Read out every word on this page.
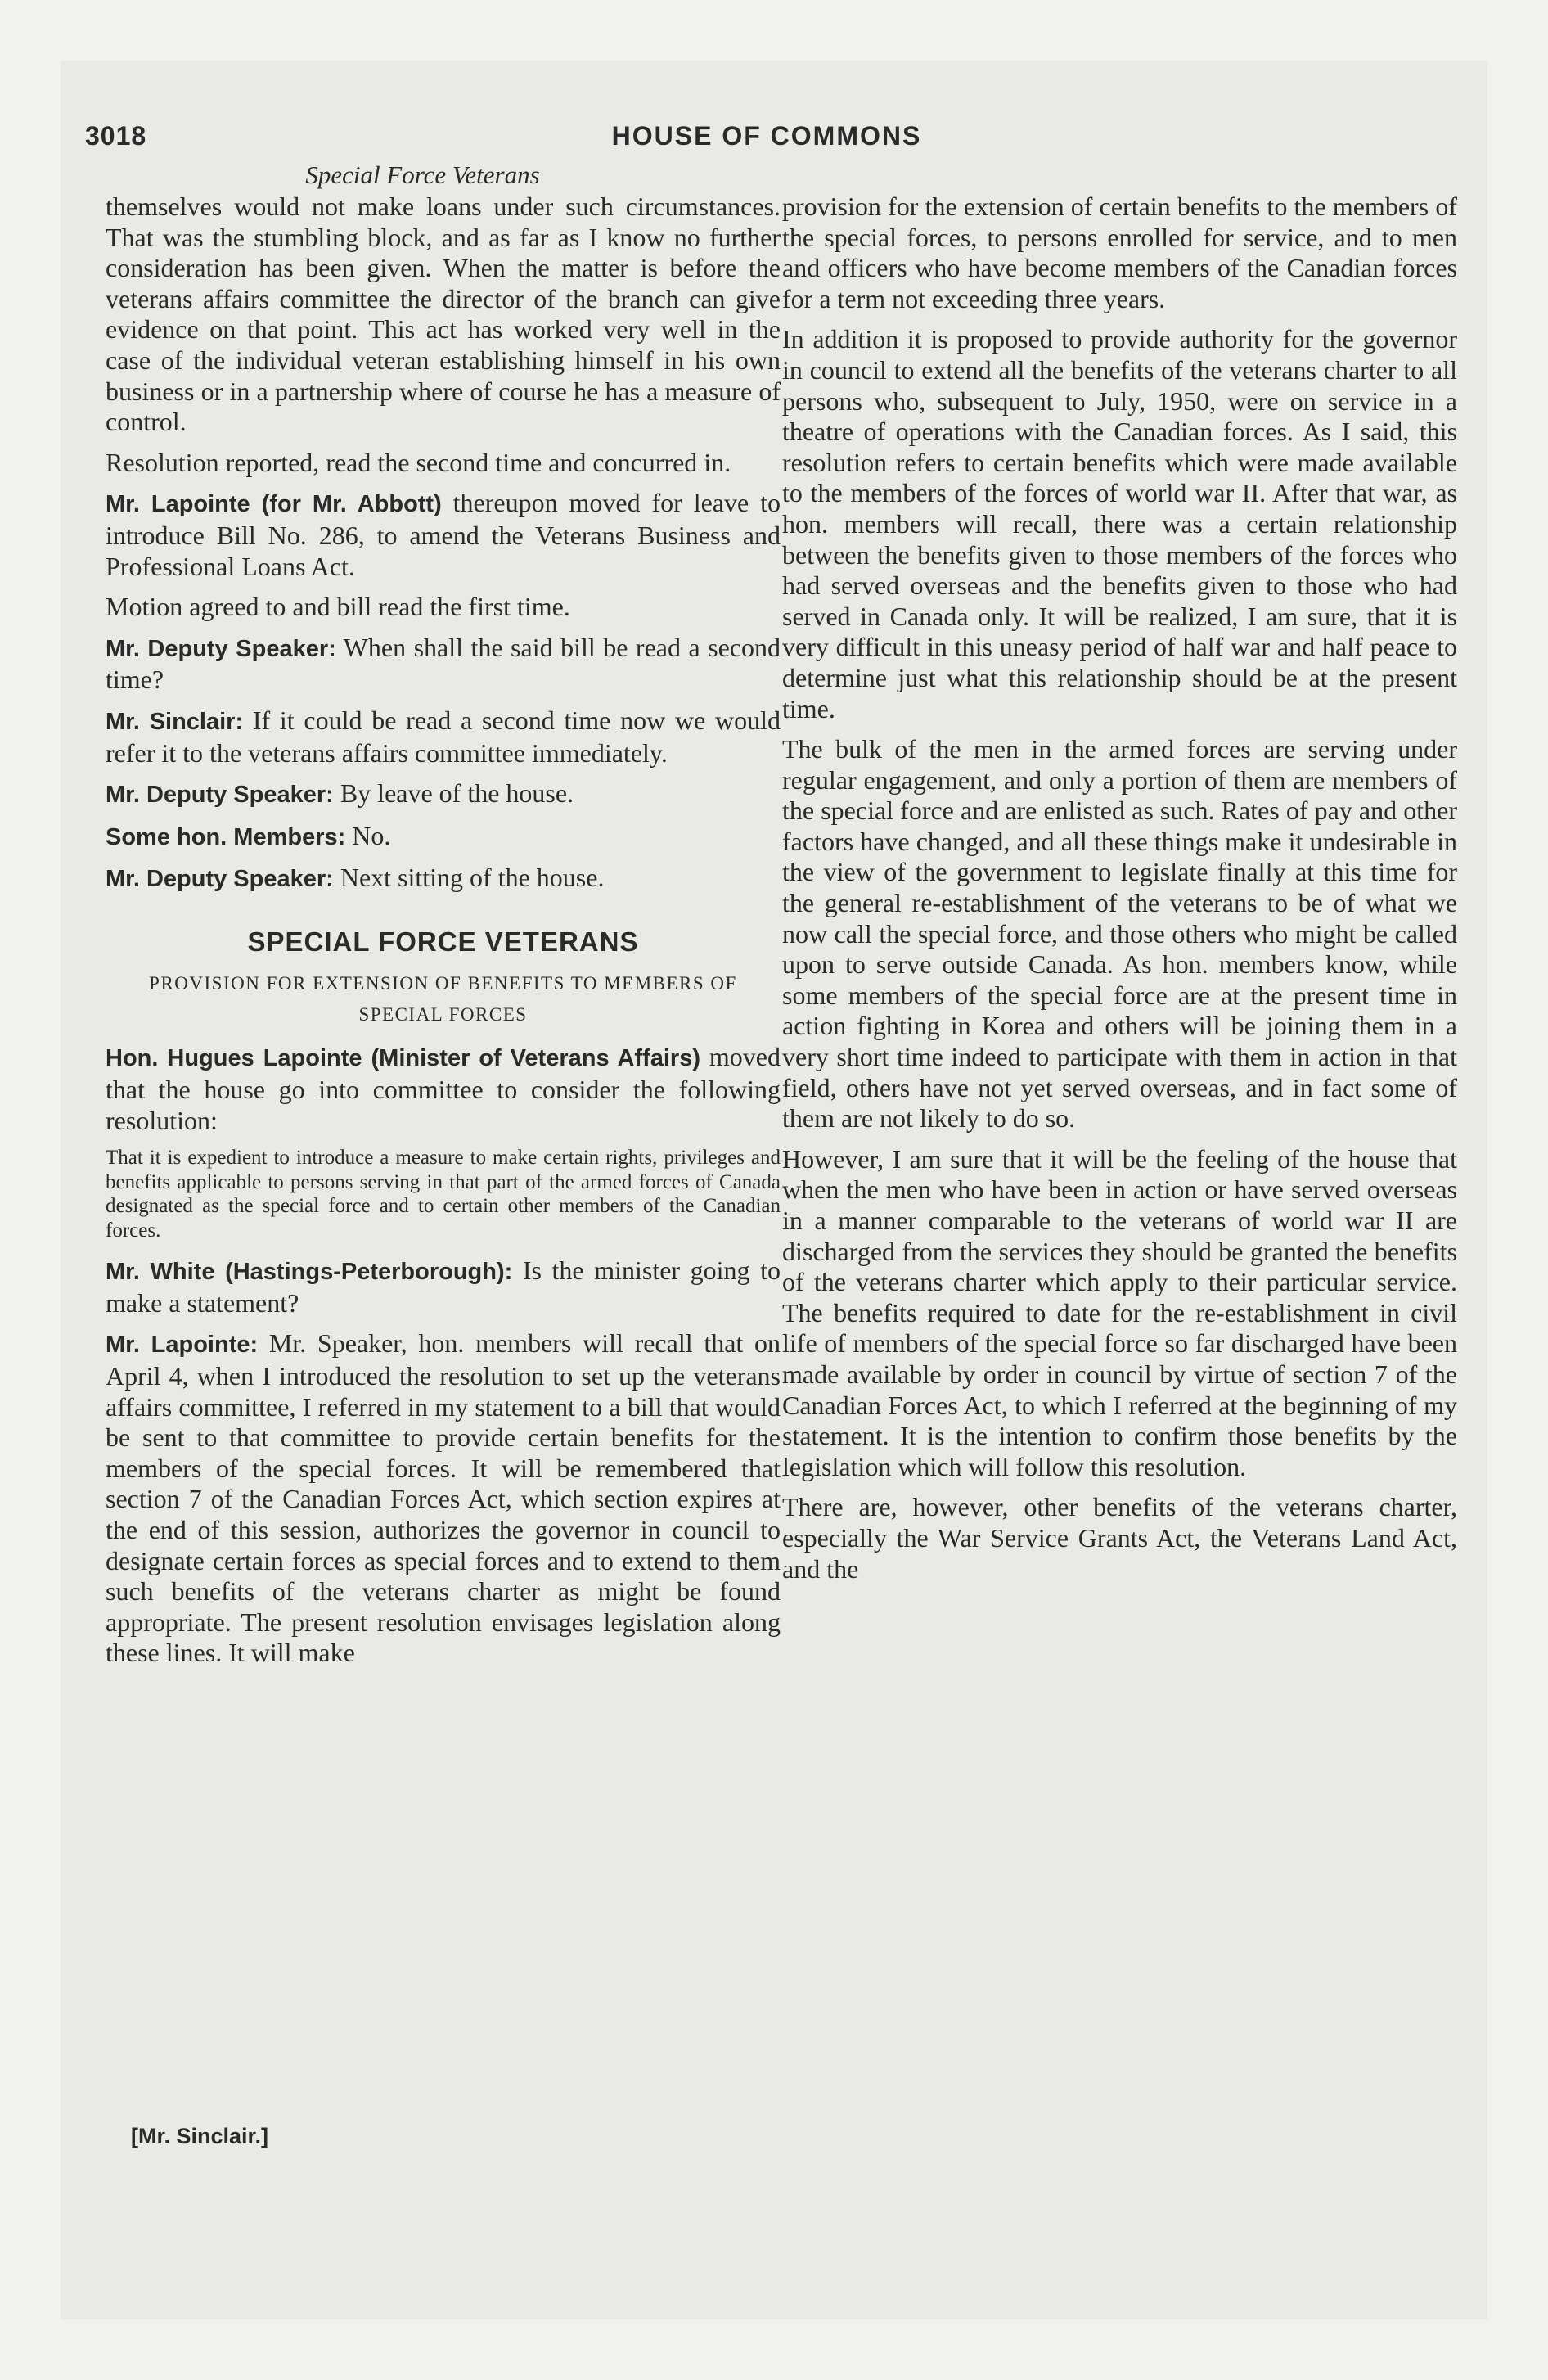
3018	HOUSE OF COMMONS
Special Force Veterans

themselves would not make loans under such circumstances. That was the stumbling block, and as far as I know no further consideration has been given. When the matter is before the veterans affairs committee the director of the branch can give evidence on that point. This act has worked very well in the case of the individual veteran establishing himself in his own business or in a partnership where of course he has a measure of control.

Resolution reported, read the second time and concurred in.

Mr. Lapointe (for Mr. Abbott) thereupon moved for leave to introduce Bill No. 286, to amend the Veterans Business and Professional Loans Act.

Motion agreed to and bill read the first time.

Mr. Deputy Speaker: When shall the said bill be read a second time?

Mr. Sinclair: If it could be read a second time now we would refer it to the veterans affairs committee immediately.

Mr. Deputy Speaker: By leave of the house.

Some hon. Members: No.

Mr. Deputy Speaker: Next sitting of the house.

SPECIAL FORCE VETERANS
PROVISION FOR EXTENSION OF BENEFITS TO MEMBERS OF SPECIAL FORCES

Hon. Hugues Lapointe (Minister of Veterans Affairs) moved that the house go into committee to consider the following resolution:

That it is expedient to introduce a measure to make certain rights, privileges and benefits applicable to persons serving in that part of the armed forces of Canada designated as the special force and to certain other members of the Canadian forces.

Mr. White (Hastings-Peterborough): Is the minister going to make a statement?

Mr. Lapointe: Mr. Speaker, hon. members will recall that on April 4, when I introduced the resolution to set up the veterans affairs committee, I referred in my statement to a bill that would be sent to that committee to provide certain benefits for the members of the special forces. It will be remembered that section 7 of the Canadian Forces Act, which section expires at the end of this session, authorizes the governor in council to designate certain forces as special forces and to extend to them such benefits of the veterans charter as might be found appropriate. The present resolution envisages legislation along these lines. It will make

provision for the extension of certain benefits to the members of the special forces, to persons enrolled for service, and to men and officers who have become members of the Canadian forces for a term not exceeding three years.

In addition it is proposed to provide authority for the governor in council to extend all the benefits of the veterans charter to all persons who, subsequent to July, 1950, were on service in a theatre of operations with the Canadian forces. As I said, this resolution refers to certain benefits which were made available to the members of the forces of world war II. After that war, as hon. members will recall, there was a certain relationship between the benefits given to those members of the forces who had served overseas and the benefits given to those who had served in Canada only. It will be realized, I am sure, that it is very difficult in this uneasy period of half war and half peace to determine just what this relationship should be at the present time.

The bulk of the men in the armed forces are serving under regular engagement, and only a portion of them are members of the special force and are enlisted as such. Rates of pay and other factors have changed, and all these things make it undesirable in the view of the government to legislate finally at this time for the general re-establishment of the veterans to be of what we now call the special force, and those others who might be called upon to serve outside Canada. As hon. members know, while some members of the special force are at the present time in action fighting in Korea and others will be joining them in a very short time indeed to participate with them in action in that field, others have not yet served overseas, and in fact some of them are not likely to do so.

However, I am sure that it will be the feeling of the house that when the men who have been in action or have served overseas in a manner comparable to the veterans of world war II are discharged from the services they should be granted the benefits of the veterans charter which apply to their particular service. The benefits required to date for the re-establishment in civil life of members of the special force so far discharged have been made available by order in council by virtue of section 7 of the Canadian Forces Act, to which I referred at the beginning of my statement. It is the intention to confirm those benefits by the legislation which will follow this resolution.

There are, however, other benefits of the veterans charter, especially the War Service Grants Act, the Veterans Land Act, and the

[Mr. Sinclair.]
